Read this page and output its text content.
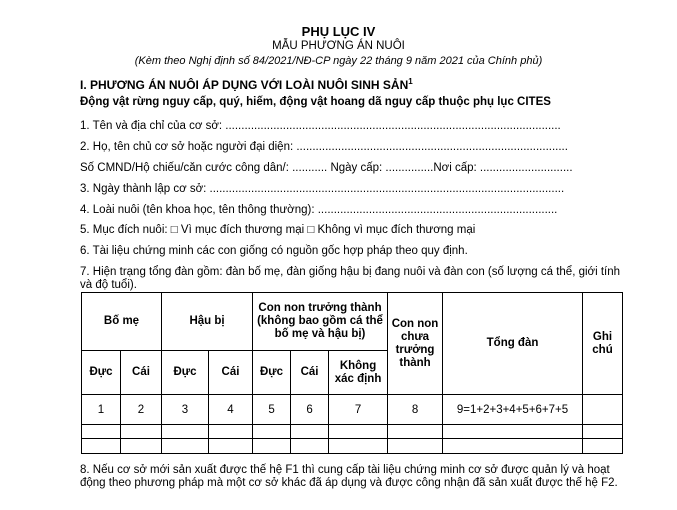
PHỤ LỤC IV
MẪU PHƯƠNG ÁN NUÔI
(Kèm theo Nghị định số 84/2021/NĐ-CP ngày 22 tháng 9 năm 2021 của Chính phủ)
I. PHƯƠNG ÁN NUÔI ÁP DỤNG VỚI LOÀI NUÔI SINH SẢN$^1$
Động vật rừng nguy cấp, quý, hiếm, động vật hoang dã nguy cấp thuộc phụ lục CITES
1. Tên và địa chỉ của cơ sở: .........................................................................................................
2. Họ, tên chủ cơ sở hoặc người đại diện: .....................................................................................
Số CMND/Hộ chiếu/căn cước công dân/: ........... Ngày cấp: ...............Nơi cấp: .............................
3. Ngày thành lập cơ sở: ...............................................................................................................
4. Loài nuôi (tên khoa học, tên thông thường): ...........................................................................
5. Mục đích nuôi: □ Vì mục đích thương mại □ Không vì mục đích thương mại
6. Tài liệu chứng minh các con giống có nguồn gốc hợp pháp theo quy định.
7. Hiện trạng tổng đàn gồm: đàn bố mẹ, đàn giống hậu bị đang nuôi và đàn con (số lượng cá thể, giới tính và độ tuổi).
Bố mẹ		Hậu bị		Con non trưởng thành (không bao gồm cá thể bố mẹ và hậu bị)			Con non chưa trưởng thành	Tổng đàn	Ghi chú
Đực	Cái	Đực	Cái	Đực	Cái	Không xác định			
1	2	3	4	5	6	7	8	9=1+2+3+4+5+6+7+5	

8. Nếu cơ sở mới sản xuất được thế hệ F1 thì cung cấp tài liệu chứng minh cơ sở được quản lý và hoạt động theo phương pháp mà một cơ sở khác đã áp dụng và được công nhận đã sản xuất được thế hệ F2.
